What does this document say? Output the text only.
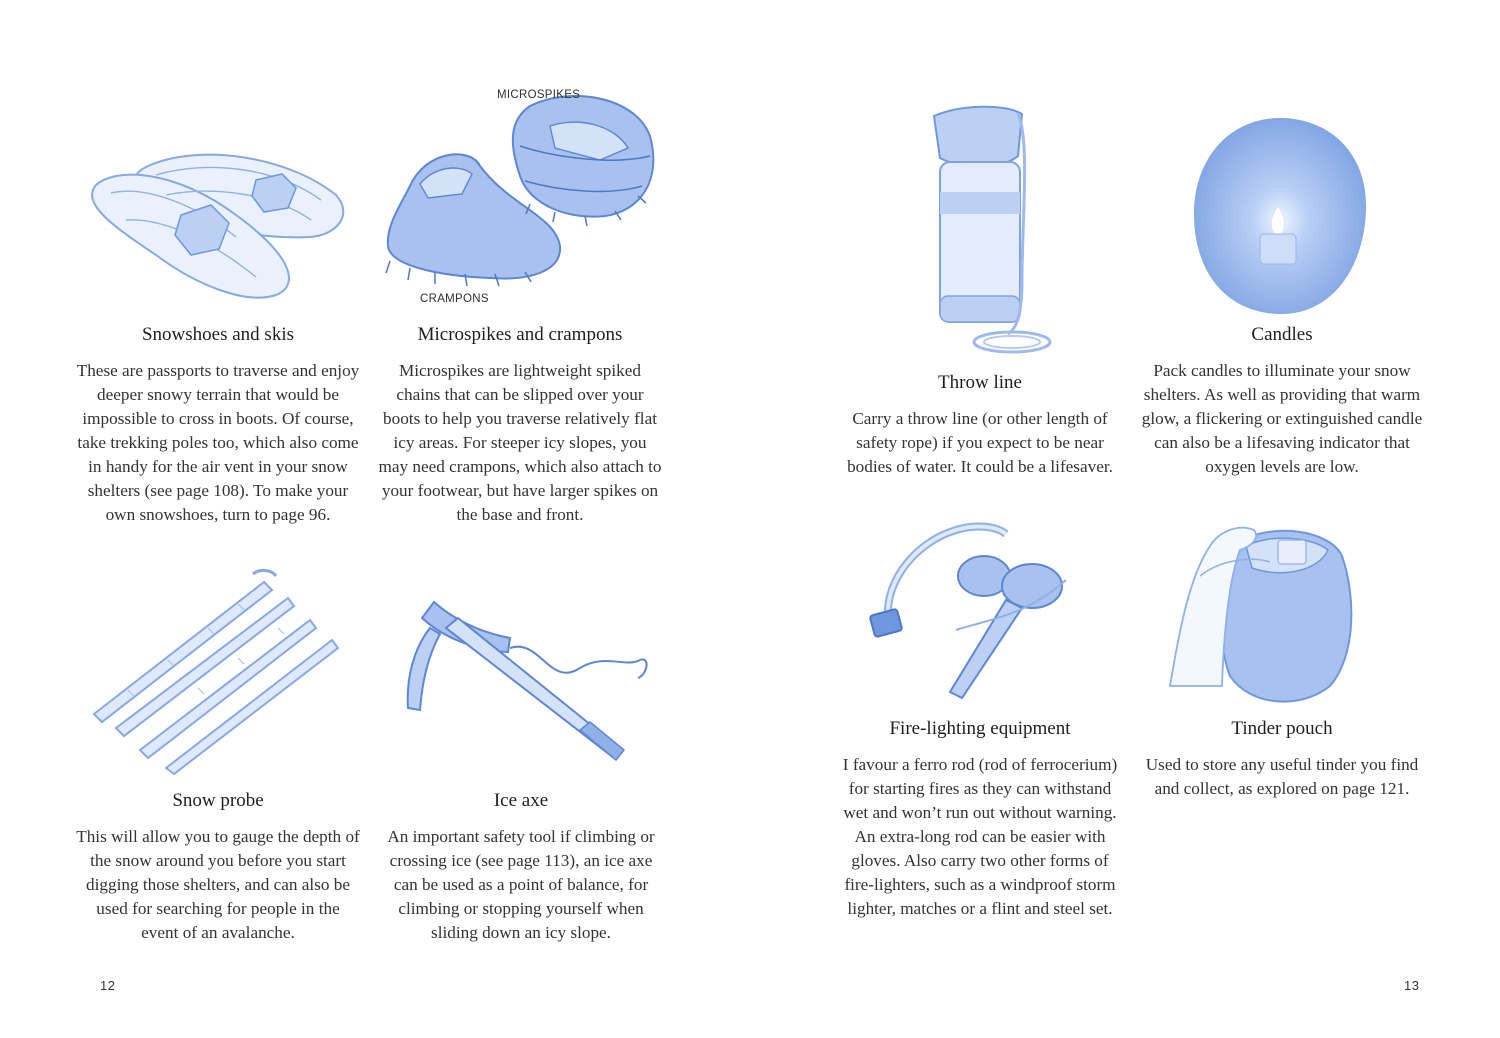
MICROSPIKES
CRAMPONS
Snowshoes and skis

These are passports to traverse and enjoy deeper snowy terrain that would be impossible to cross in boots. Of course, take trekking poles too, which also come in handy for the air vent in your snow shelters (see page 108). To make your own snowshoes, turn to page 96.

Microspikes and crampons

Microspikes are lightweight spiked chains that can be slipped over your boots to help you traverse relatively flat icy areas. For steeper icy slopes, you may need crampons, which also attach to your footwear, but have larger spikes on the base and front.

Snow probe

This will allow you to gauge the depth of the snow around you before you start digging those shelters, and can also be used for searching for people in the event of an avalanche.

Ice axe

An important safety tool if climbing or crossing ice (see page 113), an ice axe can be used as a point of balance, for climbing or stopping yourself when sliding down an icy slope.

12
Throw line

Carry a throw line (or other length of safety rope) if you expect to be near bodies of water. It could be a lifesaver.

Candles

Pack candles to illuminate your snow shelters. As well as providing that warm glow, a flickering or extinguished candle can also be a lifesaving indicator that oxygen levels are low.

Fire-lighting equipment

I favour a ferro rod (rod of ferrocerium) for starting fires as they can withstand wet and won’t run out without warning. An extra-long rod can be easier with gloves. Also carry two other forms of fire-lighters, such as a windproof storm lighter, matches or a flint and steel set.

Tinder pouch

Used to store any useful tinder you find and collect, as explored on page 121.

13
